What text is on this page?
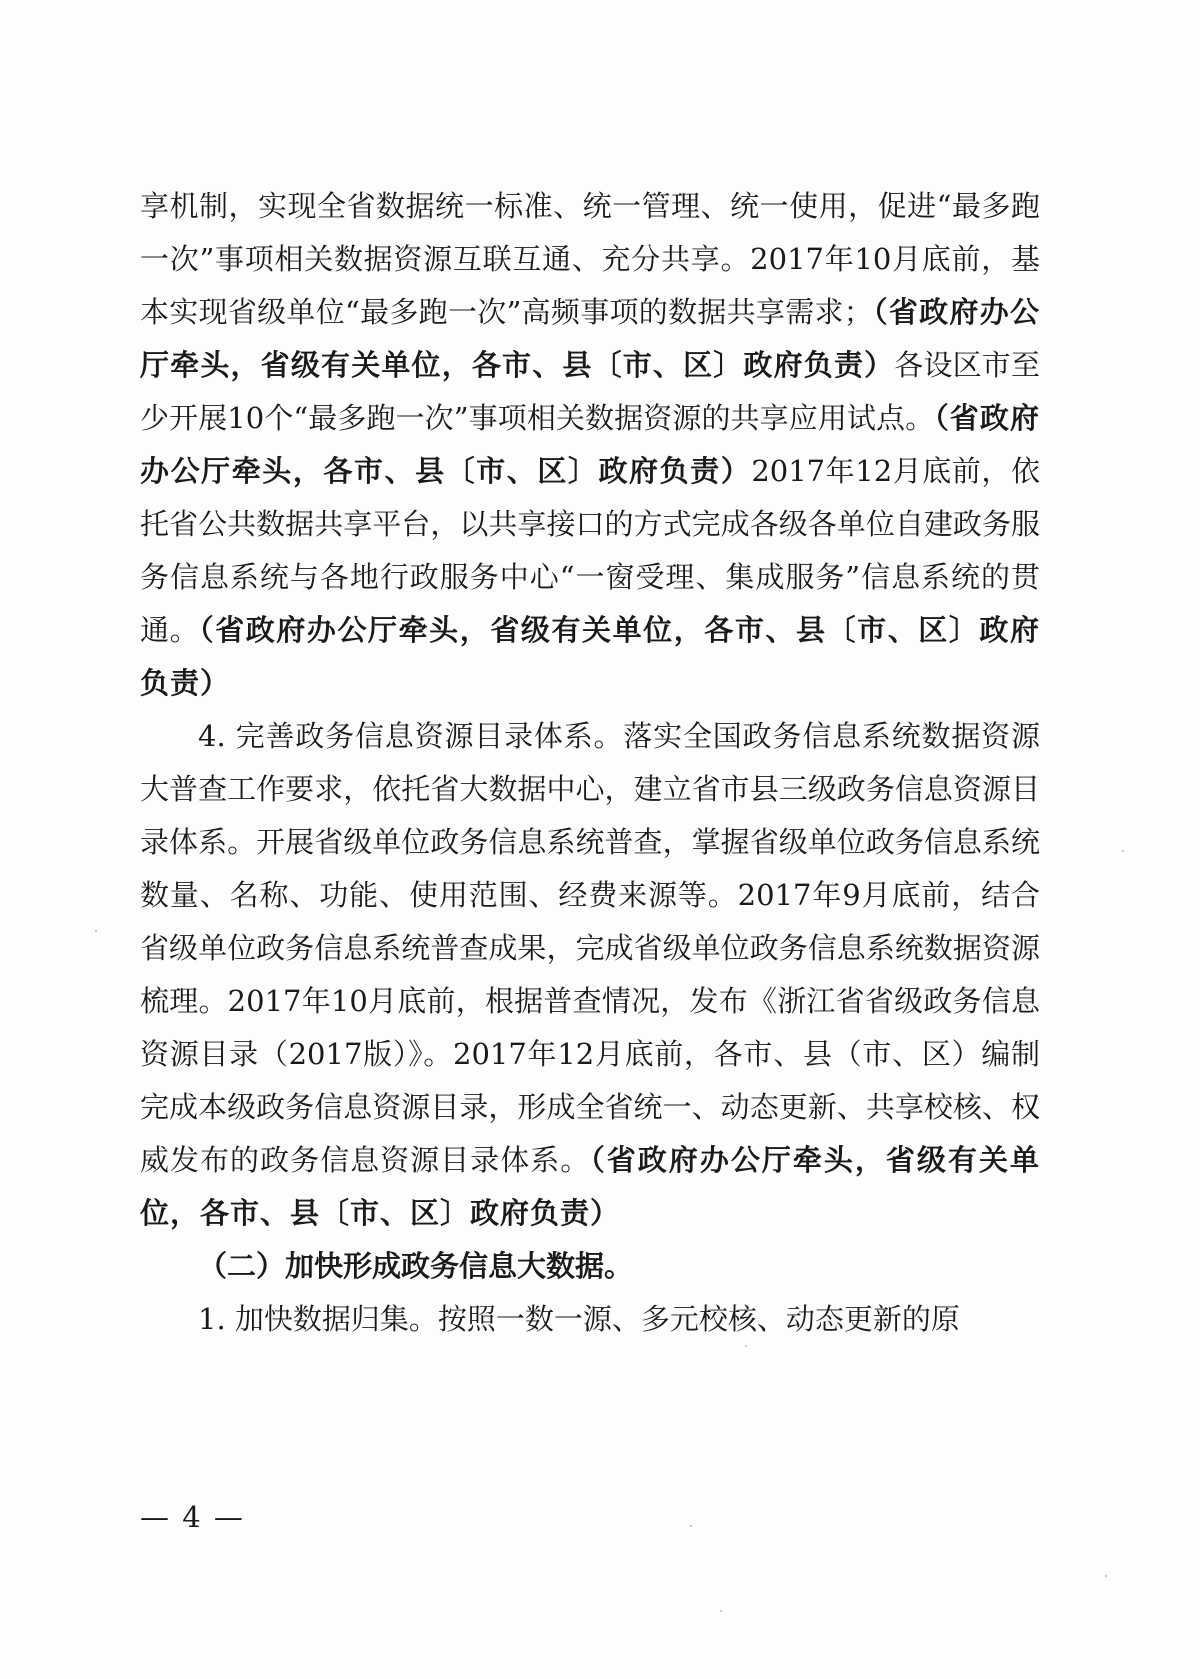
享机制，实现全省数据统一标准、统一管理、统一使用，促进“最多跑一次”事项相关数据资源互联互通、充分共享。2017年10月底前，基本实现省级单位“最多跑一次”高频事项的数据共享需求；（省政府办公厅牵头，省级有关单位，各市、县〔市、区〕政府负责）各设区市至少开展10个“最多跑一次”事项相关数据资源的共享应用试点。（省政府办公厅牵头，各市、县〔市、区〕政府负责）2017年12月底前，依托省公共数据共享平台，以共享接口的方式完成各级各单位自建政务服务信息系统与各地行政服务中心“一窗受理、集成服务”信息系统的贯通。（省政府办公厅牵头，省级有关单位，各市、县〔市、区〕政府负责）

4. 完善政务信息资源目录体系。落实全国政务信息系统数据资源大普查工作要求，依托省大数据中心，建立省市县三级政务信息资源目录体系。开展省级单位政务信息系统普查，掌握省级单位政务信息系统数量、名称、功能、使用范围、经费来源等。2017年9月底前，结合省级单位政务信息系统普查成果，完成省级单位政务信息系统数据资源梳理。2017年10月底前，根据普查情况，发布《浙江省省级政务信息资源目录（2017版）》。2017年12月底前，各市、县（市、区）编制完成本级政务信息资源目录，形成全省统一、动态更新、共享校核、权威发布的政务信息资源目录体系。（省政府办公厅牵头，省级有关单位，各市、县〔市、区〕政府负责）

（二）加快形成政务信息大数据。

1. 加快数据归集。按照一数一源、多元校核、动态更新的原

— 4 —
